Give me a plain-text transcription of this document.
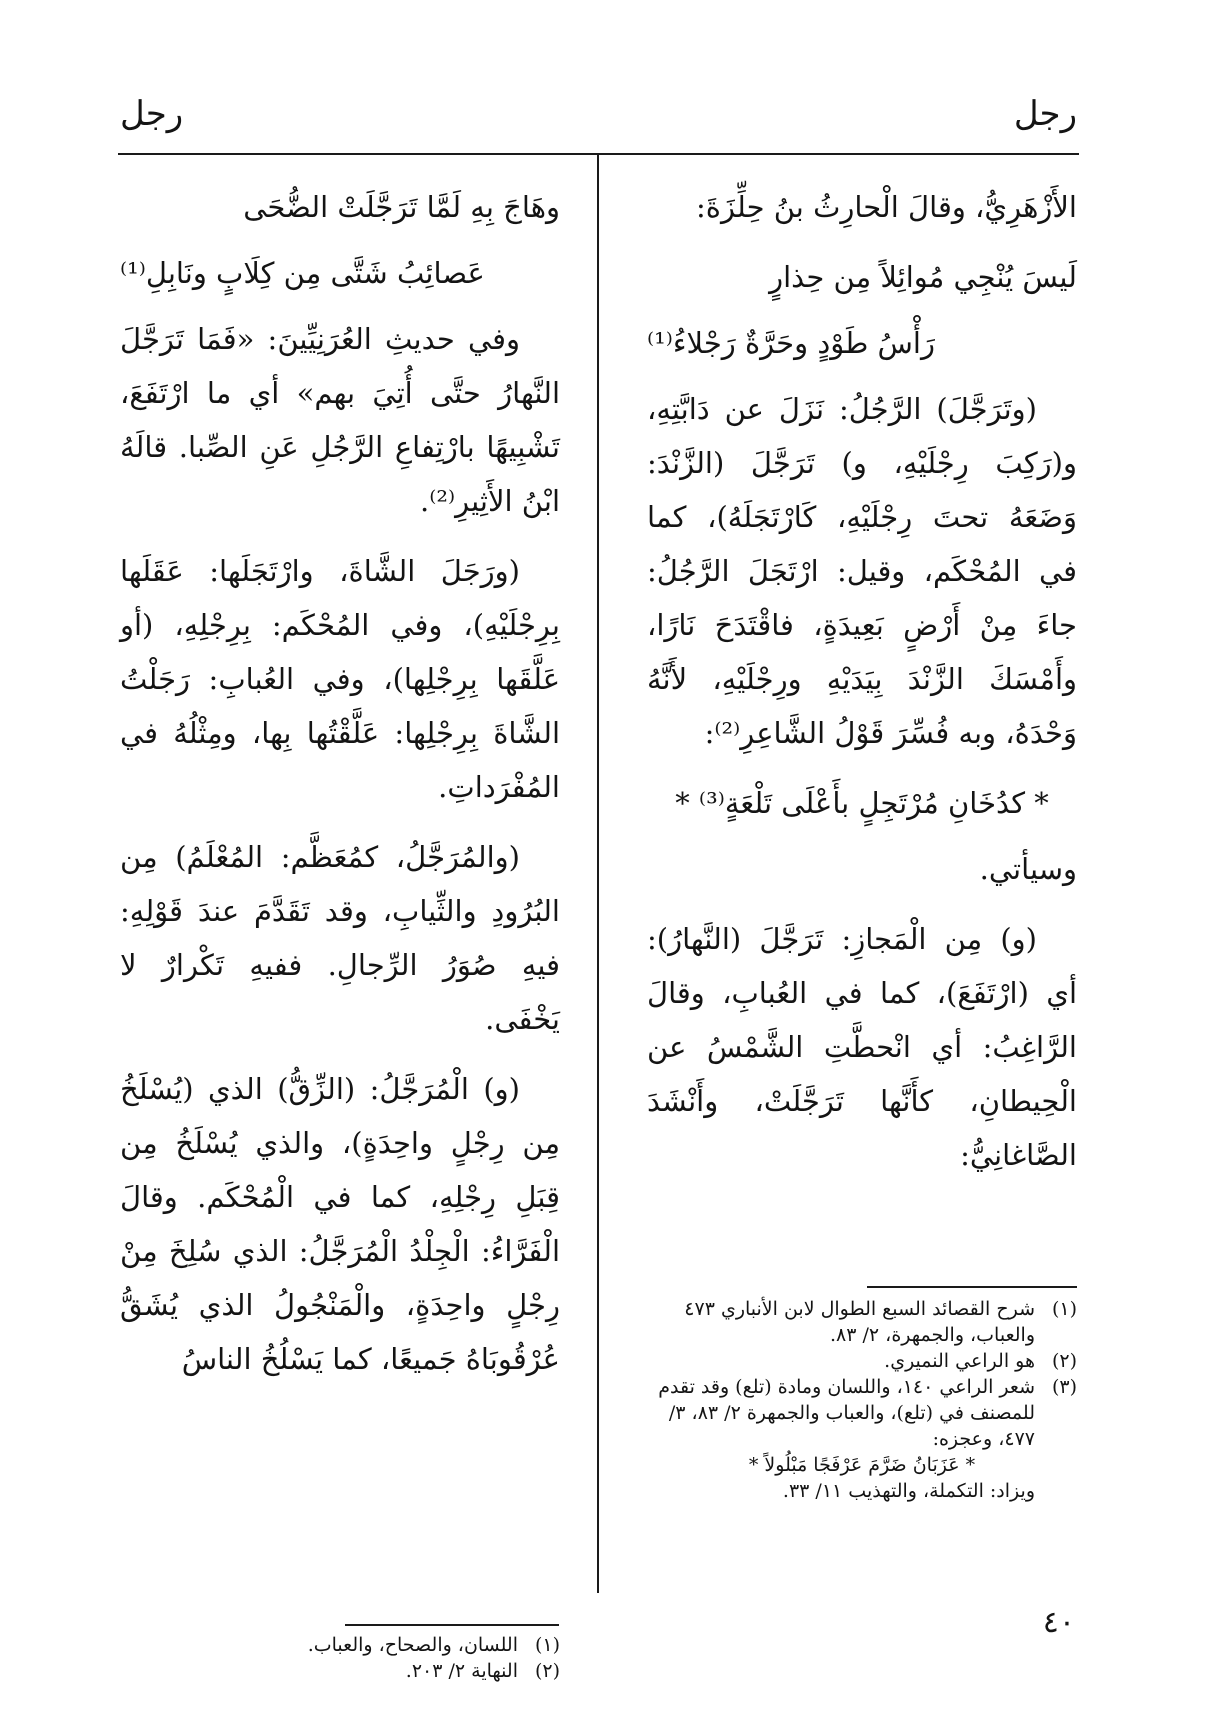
رجل
رجل

الأَزْهَرِيُّ، وقالَ الْحارِثُ بنُ حِلِّزَةَ:

لَيسَ يُنْجِي مُوائِلاً مِن حِذارٍ
رَأْسُ طَوْدٍ وحَرَّةٌ رَجْلاءُ⁽¹⁾

(وتَرَجَّلَ) الرَّجُلُ: نَزَلَ عن دَابَّتِهِ، و(رَكِبَ رِجْلَيْهِ، و) تَرَجَّلَ (الزَّنْدَ: وَضَعَهُ تحتَ رِجْلَيْهِ، كَارْتَجَلَهُ)، كما في المُحْكَم، وقيل: ارْتَجَلَ الرَّجُلُ: جاءَ مِنْ أَرْضٍ بَعِيدَةٍ، فاقْتَدَحَ نَارًا، وأَمْسَكَ الزَّنْدَ بِيَدَيْهِ ورِجْلَيْهِ، لأَنَّهُ وَحْدَهُ، وبه فُسِّرَ قَوْلُ الشَّاعِرِ⁽²⁾:

* كدُخَانِ مُرْتَجِلٍ بأَعْلَى تَلْعَةٍ⁽³⁾ *

وسيأتي.

(و) مِن الْمَجازِ: تَرَجَّلَ (النَّهارُ): أي (ارْتَفَعَ)، كما في العُبابِ، وقالَ الرَّاغِبُ: أي انْحطَّتِ الشَّمْسُ عن الْحِيطانِ، كأَنَّها تَرَجَّلَتْ، وأَنْشَدَ الصَّاغانِيُّ:

وهَاجَ بِهِ لَمَّا تَرَجَّلَتْ الضُّحَى
عَصائِبُ شَتَّى مِن كِلَابٍ ونَابِلِ⁽¹⁾

وفي حديثِ العُرَنِيِّينَ: «فَمَا تَرَجَّلَ النَّهارُ حتَّى أُتِيَ بهم» أي ما ارْتَفَعَ، تَشْبِيهًا بارْتِفاعِ الرَّجُلِ عَنِ الصِّبا. قالَهُ ابْنُ الأَثِيرِ⁽²⁾.

(ورَجَلَ الشَّاةَ، وارْتَجَلَها: عَقَلَها بِرِجْلَيْهِ)، وفي المُحْكَم: بِرِجْلِهِ، (أو عَلَّقَها بِرِجْلِها)، وفي العُبابِ: رَجَلْتُ الشَّاةَ بِرِجْلِها: عَلَّقْتُها بِها، ومِثْلُهُ في المُفْرَداتِ.

(والمُرَجَّلُ، كمُعَظَّم: المُعْلَمُ) مِن البُرُودِ والثِّيابِ، وقد تَقَدَّمَ عندَ قَوْلِهِ: فيهِ صُوَرُ الرِّجالِ. ففيهِ تَكْرارٌ لا يَخْفَى.

(و) الْمُرَجَّلُ: (الزِّقُّ) الذي (يُسْلَخُ مِن رِجْلٍ واحِدَةٍ)، والذي يُسْلَخُ مِن قِبَلِ رِجْلِهِ، كما في الْمُحْكَم. وقالَ الْفَرَّاءُ: الْجِلْدُ الْمُرَجَّلُ: الذي سُلِخَ مِنْ رِجْلٍ واحِدَةٍ، والْمَنْجُولُ الذي يُشَقُّ عُرْقُوبَاهُ جَميعًا، كما يَسْلُخُ الناسُ

(١)
شرح القصائد السبع الطوال لابن الأنباري ٤٧٣ والعباب، والجمهرة، ٢/ ٨٣.
(٢)
هو الراعي النميري.
(٣)
شعر الراعي ١٤٠، واللسان ومادة (تلع) وقد تقدم للمصنف في (تلع)، والعباب والجمهرة ٢/ ٨٣، ٣/ ٤٧٧، وعجزه:
* عَزَبَانُ ضَرَّمَ عَرْفَجًا مَبْلُولاً *
ويزاد: التكملة، والتهذيب ١١/ ٣٣.
(١)
اللسان، والصحاح، والعباب.
(٢)
النهاية ٢/ ٢٠٣.
٤٠
